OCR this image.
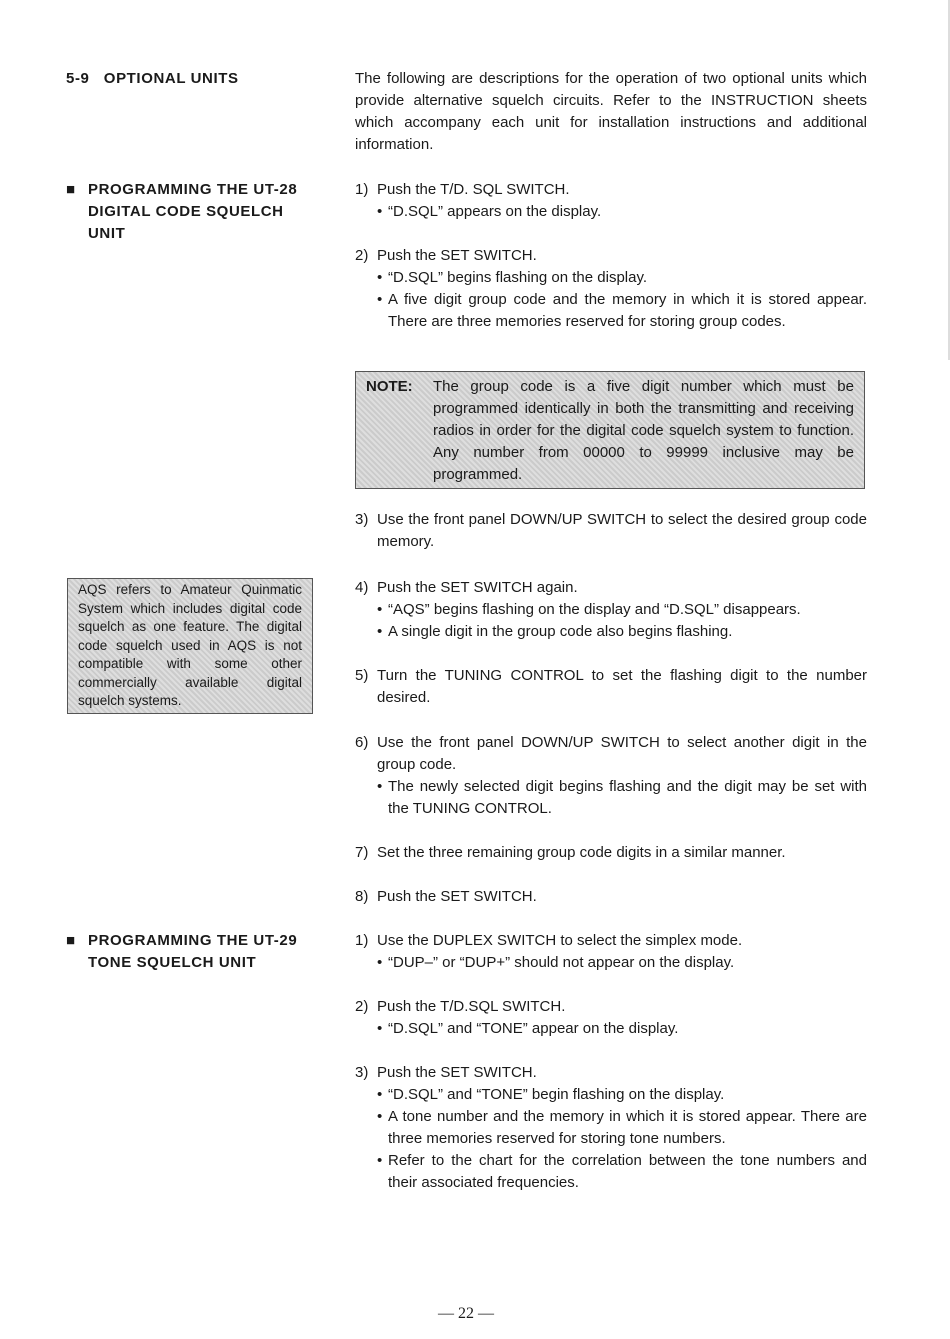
5-9 OPTIONAL UNITS	The following are descriptions for the operation of two optional units which provide alternative squelch circuits. Refer to the INSTRUCTION sheets which accompany each unit for installation instructions and additional information.
■ PROGRAMMING THE UT-28
DIGITAL CODE SQUELCH
UNIT
NOTE:	The group code is a five digit number which must be programmed identically in both the transmitting and receiving radios in order for the digital code squelch system to function. Any number from 00000 to 99999 inclusive may be programmed.
AQS refers to Amateur Quinmatic System which includes digital code squelch as one feature. The digital code squelch used in AQS is not compatible with some other commercially available digital squelch systems.
■ PROGRAMMING THE UT-29
TONE SQUELCH UNIT
— 22 —
1) Push the T/D. SQL SWITCH.
• “D.SQL” appears on the display.
2) Push the SET SWITCH.
• “D.SQL” begins flashing on the display.
• A five digit group code and the memory in which it is stored appear. There are three memories reserved for storing group codes.
3) Use the front panel DOWN/UP SWITCH to select the desired group code memory.
4) Push the SET SWITCH again.
• “AQS” begins flashing on the display and “D.SQL” disappears.
• A single digit in the group code also begins flashing.
5) Turn the TUNING CONTROL to set the flashing digit to the number desired.
6) Use the front panel DOWN/UP SWITCH to select another digit in the group code.
• The newly selected digit begins flashing and the digit may be set with the TUNING CONTROL.
7) Set the three remaining group code digits in a similar manner.
8) Push the SET SWITCH.
1) Use the DUPLEX SWITCH to select the simplex mode.
• “DUP–” or “DUP+” should not appear on the display.
2) Push the T/D.SQL SWITCH.
• “D.SQL” and “TONE” appear on the display.
3) Push the SET SWITCH.
• “D.SQL” and “TONE” begin flashing on the display.
• A tone number and the memory in which it is stored appear. There are three memories reserved for storing tone numbers.
• Refer to the chart for the correlation between the tone numbers and their associated frequencies.
